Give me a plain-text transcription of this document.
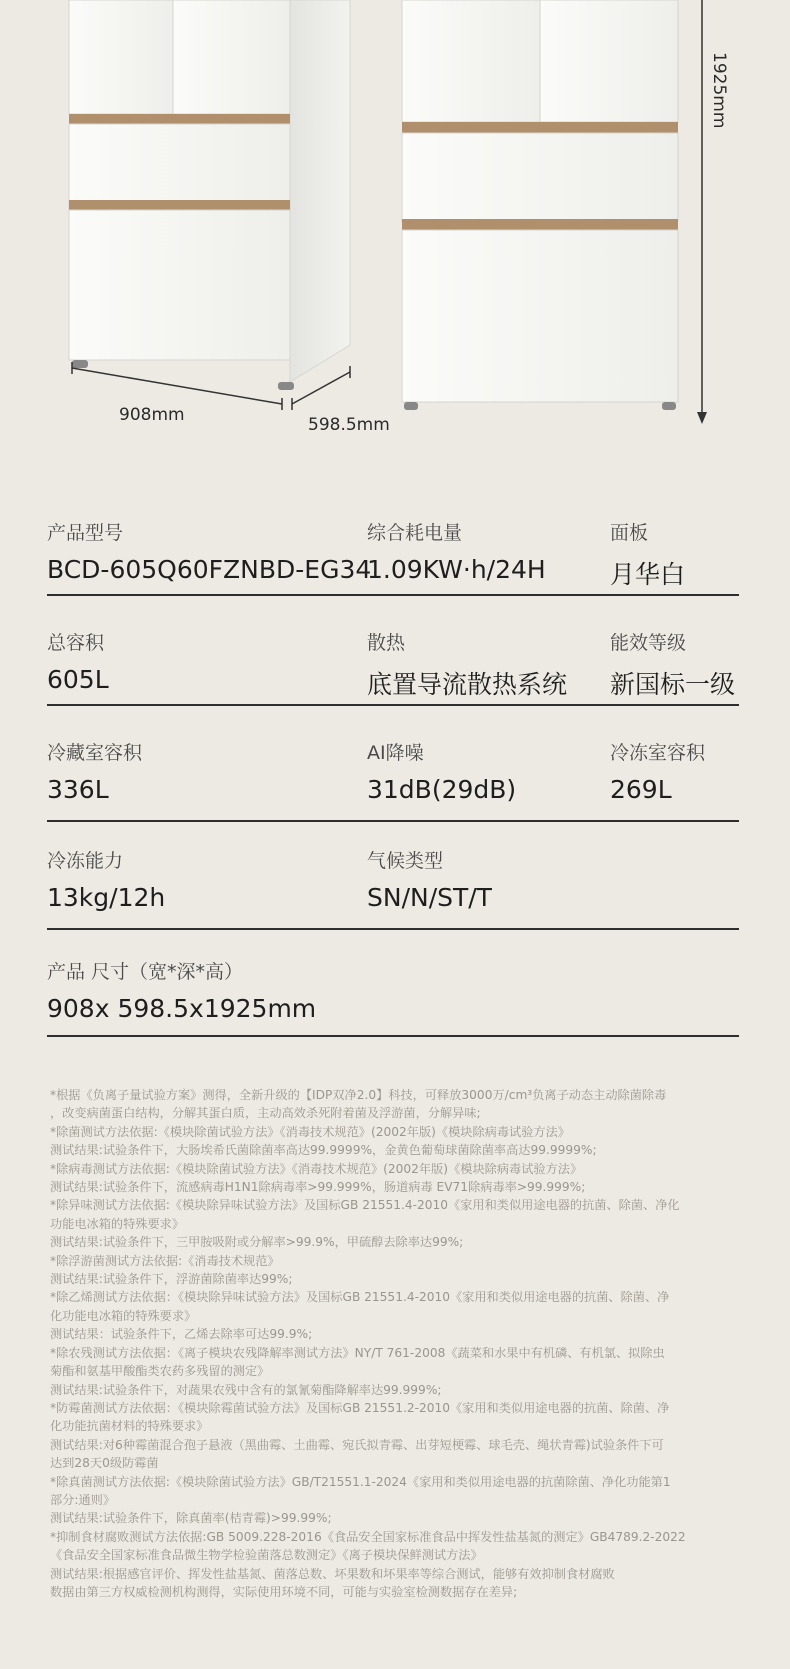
908mm	598.5mm
1925mm
产品型号
BCD-605Q60FZNBD-EG34
综合耗电量
1.09KW·h/24H
面板
月华白
总容积
605L
散热
底置导流散热系统
能效等级
新国标一级
冷藏室容积
336L
AI降噪
31dB(29dB)
冷冻室容积
269L
冷冻能力
13kg/12h
气候类型
SN/N/ST/T
产品 尺寸（宽*深*高）
908x 598.5x1925mm
*根据《负离子量试验方案》测得，全新升级的【IDP双净2.0】科技，可释放3000万/cm³负离子动态主动除菌除毒
，改变病菌蛋白结构，分解其蛋白质，主动高效杀死附着菌及浮游菌，分解异味;
*除菌测试方法依据:《模块除菌试验方法》《消毒技术规范》(2002年版)《模块除病毒试验方法》
测试结果:试验条件下，大肠埃希氏菌除菌率高达99.9999%，金黄色葡萄球菌除菌率高达99.9999%;
*除病毒测试方法依据:《模块除菌试验方法》《消毒技术规范》(2002年版)《模块除病毒试验方法》
测试结果:试验条件下，流感病毒H1N1除病毒率>99.999%，肠道病毒 EV71除病毒率>99.999%;
*除异味测试方法依据:《模块除异味试验方法》及国标GB 21551.4-2010《家用和类似用途电器的抗菌、除菌、净化
功能电冰箱的特殊要求》
测试结果:试验条件下，三甲胺吸附或分解率>99.9%，甲硫醇去除率达99%;
*除浮游菌测试方法依据:《消毒技术规范》
测试结果:试验条件下，浮游菌除菌率达99%;
*除乙烯测试方法依据：《模块除异味试验方法》及国标GB 21551.4-2010《家用和类似用途电器的抗菌、除菌、净
化功能电冰箱的特殊要求》
测试结果：试验条件下，乙烯去除率可达99.9%;
*除农残测试方法依据：《离子模块农残降解率测试方法》NY/T 761-2008《蔬菜和水果中有机磷、有机氯、拟除虫
菊酯和氨基甲酸酯类农药多残留的测定》
测试结果:试验条件下，对蔬果农残中含有的氯氰菊酯降解率达99.999%;
*防霉菌测试方法依据：《模块除霉菌试验方法》及国标GB 21551.2-2010《家用和类似用途电器的抗菌、除菌、净
化功能抗菌材料的特殊要求》
测试结果:对6种霉菌混合孢子悬液（黑曲霉、土曲霉、宛氏拟青霉、出芽短梗霉、球毛壳、绳状青霉)试验条件下可
达到28天0级防霉菌
*除真菌测试方法依据:《模块除菌试验方法》GB/T21551.1-2024《家用和类似用途电器的抗菌除菌、净化功能第1
部分:通则》
测试结果:试验条件下，除真菌率(桔青霉)>99.99%;
*抑制食材腐败测试方法依据:GB 5009.228-2016《食品安全国家标准食品中挥发性盐基氮的测定》GB4789.2-2022
《食品安全国家标准食品微生物学检验菌落总数测定》《离子模块保鲜测试方法》
测试结果:根据感官评价、挥发性盐基氮、菌落总数、坏果数和坏果率等综合测试，能够有效抑制食材腐败
数据由第三方权威检测机构测得，实际使用环境不同，可能与实验室检测数据存在差异;
